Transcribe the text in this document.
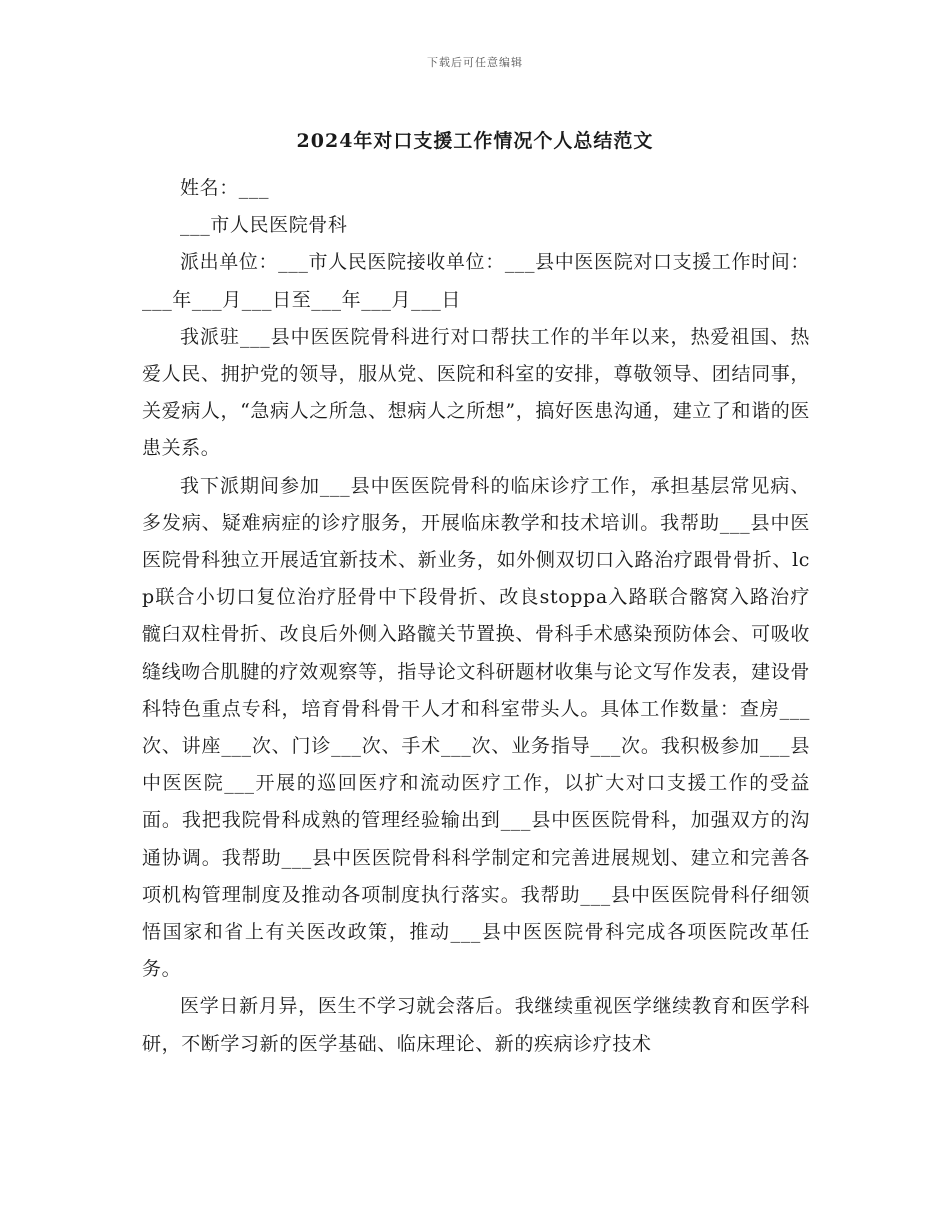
下载后可任意编辑
2024年对口支援工作情况个人总结范文

姓名：___

___市人民医院骨科

派出单位：___市人民医院接收单位：___县中医医院对口支援工作时间：___年___月___日至___年___月___日

我派驻___县中医医院骨科进行对口帮扶工作的半年以来，热爱祖国、热爱人民、拥护党的领导，服从党、医院和科室的安排，尊敬领导、团结同事，关爱病人，“急病人之所急、想病人之所想”，搞好医患沟通，建立了和谐的医患关系。

我下派期间参加___县中医医院骨科的临床诊疗工作，承担基层常见病、多发病、疑难病症的诊疗服务，开展临床教学和技术培训。我帮助___县中医医院骨科独立开展适宜新技术、新业务，如外侧双切口入路治疗跟骨骨折、lcp联合小切口复位治疗胫骨中下段骨折、改良stoppa入路联合髂窝入路治疗髋臼双柱骨折、改良后外侧入路髋关节置换、骨科手术感染预防体会、可吸收缝线吻合肌腱的疗效观察等，指导论文科研题材收集与论文写作发表，建设骨科特色重点专科，培育骨科骨干人才和科室带头人。具体工作数量：查房___次、讲座___次、门诊___次、手术___次、业务指导___次。我积极参加___县中医医院___开展的巡回医疗和流动医疗工作，以扩大对口支援工作的受益面。我把我院骨科成熟的管理经验输出到___县中医医院骨科，加强双方的沟通协调。我帮助___县中医医院骨科科学制定和完善进展规划、建立和完善各项机构管理制度及推动各项制度执行落实。我帮助___县中医医院骨科仔细领悟国家和省上有关医改政策，推动___县中医医院骨科完成各项医院改革任务。

医学日新月异，医生不学习就会落后。我继续重视医学继续教育和医学科研，不断学习新的医学基础、临床理论、新的疾病诊疗技术
